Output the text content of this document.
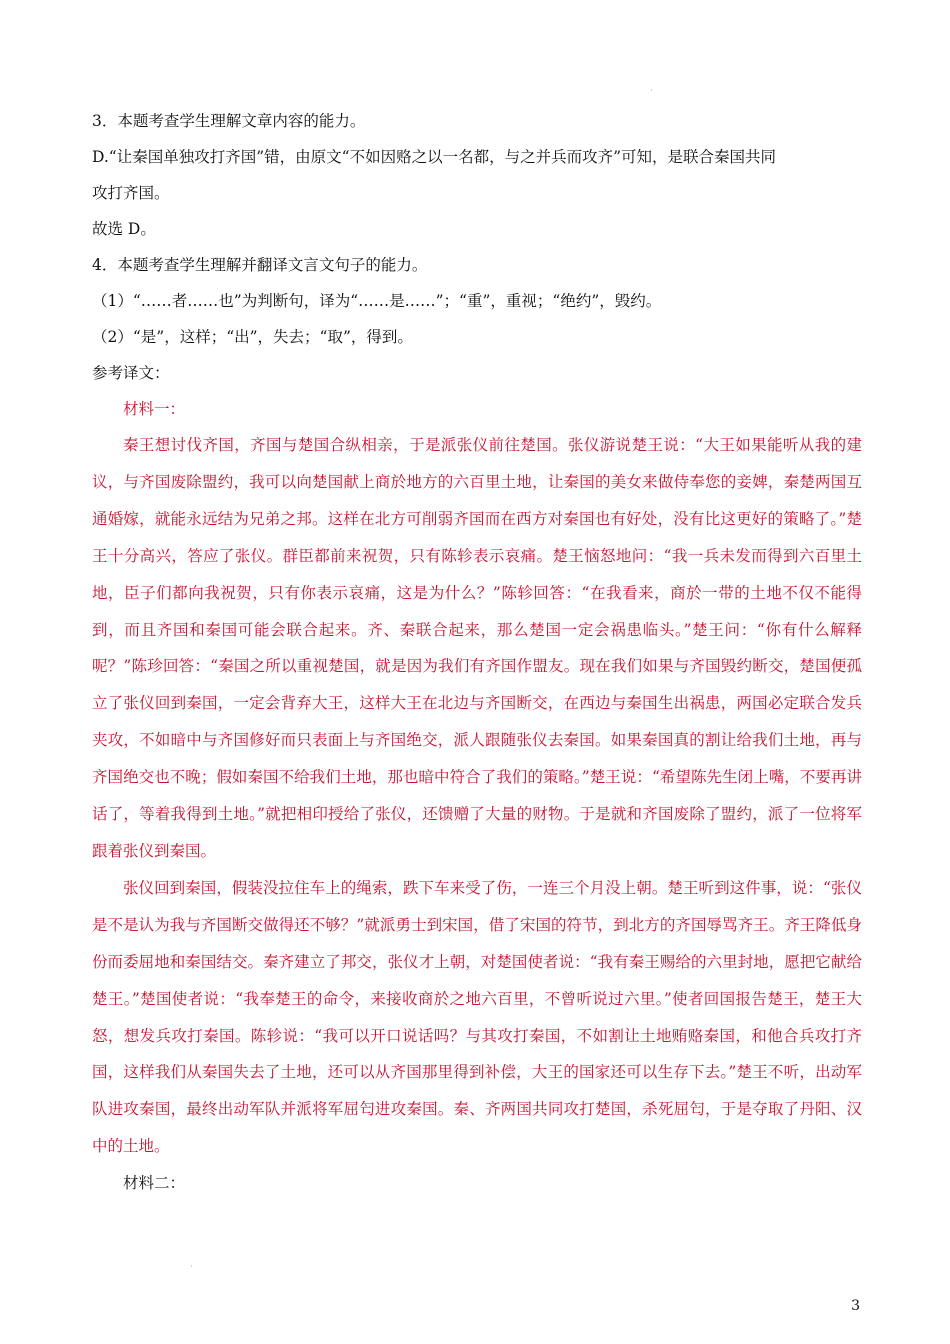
·
·
3．本题考查学生理解文章内容的能力。
D.“让秦国单独攻打齐国”错，由原文“不如因赂之以一名都，与之并兵而攻齐”可知，是联合秦国共同
攻打齐国。
故选 D。
4．本题考查学生理解并翻译文言文句子的能力。
（1）“……者……也”为判断句，译为“……是……”；“重”，重视；“绝约”，毁约。
（2）“是”，这样；“出”，失去；“取”，得到。
参考译文：
材料一：
秦王想讨伐齐国，齐国与楚国合纵相亲，于是派张仪前往楚国。张仪游说楚王说：“大王如果能听从我的建议，与齐国废除盟约，我可以向楚国献上商於地方的六百里土地，让秦国的美女来做侍奉您的妾婢，秦楚两国互通婚嫁，就能永远结为兄弟之邦。这样在北方可削弱齐国而在西方对秦国也有好处，没有比这更好的策略了。”楚王十分高兴，答应了张仪。群臣都前来祝贺，只有陈轸表示哀痛。楚王恼怒地问：“我一兵未发而得到六百里土地，臣子们都向我祝贺，只有你表示哀痛，这是为什么？”陈轸回答：“在我看来，商於一带的土地不仅不能得到，而且齐国和秦国可能会联合起来。齐、秦联合起来，那么楚国一定会祸患临头。”楚王问：“你有什么解释呢？”陈珍回答：“秦国之所以重视楚国，就是因为我们有齐国作盟友。现在我们如果与齐国毁约断交，楚国便孤立了张仪回到秦国，一定会背弃大王，这样大王在北边与齐国断交，在西边与秦国生出祸患，两国必定联合发兵夹攻，不如暗中与齐国修好而只表面上与齐国绝交，派人跟随张仪去秦国。如果秦国真的割让给我们土地，再与齐国绝交也不晚；假如秦国不给我们土地，那也暗中符合了我们的策略。”楚王说：“希望陈先生闭上嘴，不要再讲话了，等着我得到土地。”就把相印授给了张仪，还馈赠了大量的财物。于是就和齐国废除了盟约，派了一位将军跟着张仪到秦国。
张仪回到秦国，假装没拉住车上的绳索，跌下车来受了伤，一连三个月没上朝。楚王听到这件事，说：“张仪是不是认为我与齐国断交做得还不够？”就派勇士到宋国，借了宋国的符节，到北方的齐国辱骂齐王。齐王降低身份而委屈地和秦国结交。秦齐建立了邦交，张仪才上朝，对楚国使者说：“我有秦王赐给的六里封地，愿把它献给楚王。”楚国使者说：“我奉楚王的命令，来接收商於之地六百里，不曾听说过六里。”使者回国报告楚王，楚王大怒，想发兵攻打秦国。陈轸说：“我可以开口说话吗？与其攻打秦国，不如割让土地贿赂秦国，和他合兵攻打齐国，这样我们从秦国失去了土地，还可以从齐国那里得到补偿，大王的国家还可以生存下去。”楚王不听，出动军队进攻秦国，最终出动军队并派将军屈匄进攻秦国。秦、齐两国共同攻打楚国，杀死屈匄，于是夺取了丹阳、汉中的土地。
材料二：
3
